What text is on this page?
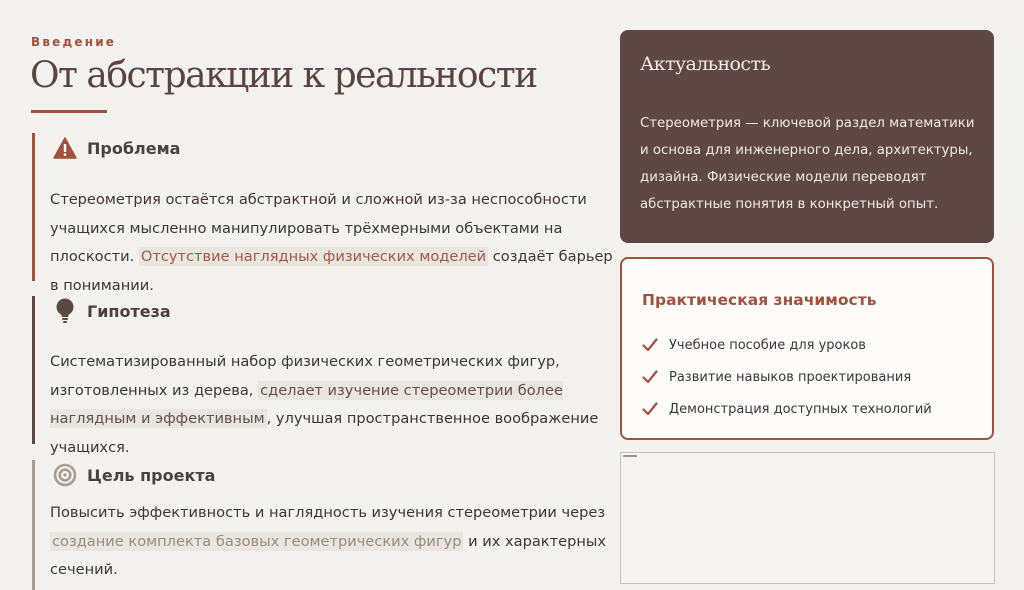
Введение
От абстракции к реальности
Проблема
Стереометрия остаётся абстрактной и сложной из-за неспособности учащихся мысленно манипулировать трёхмерными объектами на плоскости. Отсутствие наглядных физических моделей создаёт барьер в понимании.
Гипотеза
Систематизированный набор физических геометрических фигур, изготовленных из дерева, сделает изучение стереометрии более наглядным и эффективным , улучшая пространственное воображение учащихся.
Цель проекта
Повысить эффективность и наглядность изучения стереометрии через создание комплекта базовых геометрических фигур и их характерных сечений.
Актуальность

Стереометрия — ключевой раздел математики и основа для инженерного дела, архитектуры, дизайна. Физические модели переводят абстрактные понятия в конкретный опыт.

Практическая значимость
Учебное пособие для уроков
Развитие навыков проектирования
Демонстрация доступных технологий
